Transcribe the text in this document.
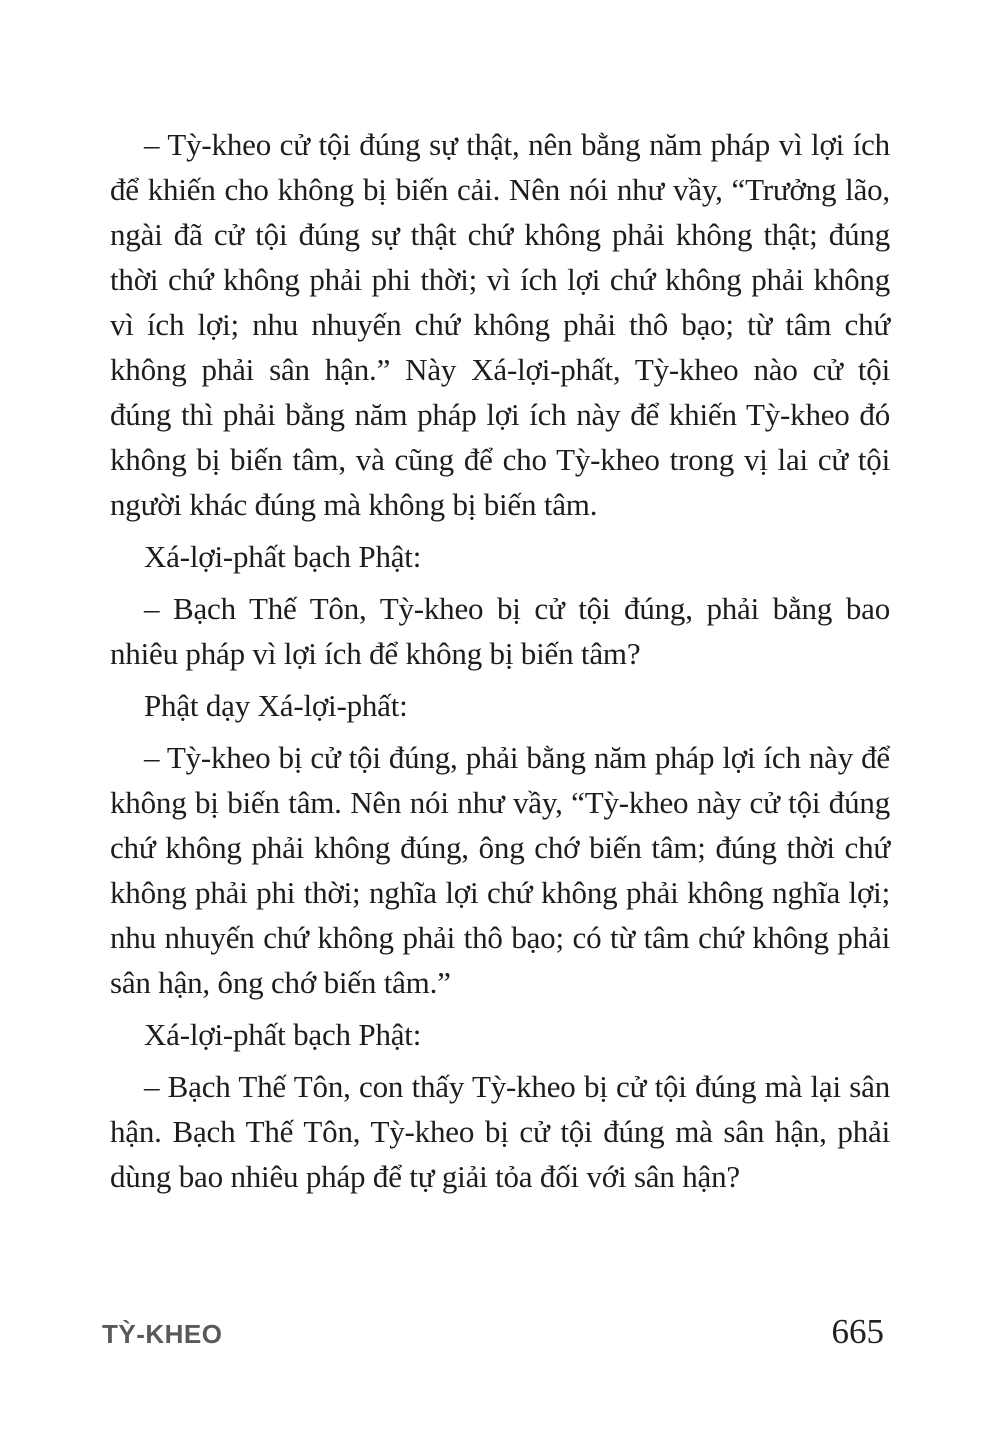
– Tỳ-kheo cử tội đúng sự thật, nên bằng năm pháp vì lợi ích để khiến cho không bị biến cải. Nên nói như vầy, “Trưởng lão, ngài đã cử tội đúng sự thật chứ không phải không thật; đúng thời chứ không phải phi thời; vì ích lợi chứ không phải không vì ích lợi; nhu nhuyến chứ không phải thô bạo; từ tâm chứ không phải sân hận.” Này Xá-lợi-phất, Tỳ-kheo nào cử tội đúng thì phải bằng năm pháp lợi ích này để khiến Tỳ-kheo đó không bị biến tâm, và cũng để cho Tỳ-kheo trong vị lai cử tội người khác đúng mà không bị biến tâm.

Xá-lợi-phất bạch Phật:

– Bạch Thế Tôn, Tỳ-kheo bị cử tội đúng, phải bằng bao nhiêu pháp vì lợi ích để không bị biến tâm?

Phật dạy Xá-lợi-phất:

– Tỳ-kheo bị cử tội đúng, phải bằng năm pháp lợi ích này để không bị biến tâm. Nên nói như vầy, “Tỳ-kheo này cử tội đúng chứ không phải không đúng, ông chớ biến tâm; đúng thời chứ không phải phi thời; nghĩa lợi chứ không phải không nghĩa lợi; nhu nhuyến chứ không phải thô bạo; có từ tâm chứ không phải sân hận, ông chớ biến tâm.”

Xá-lợi-phất bạch Phật:

– Bạch Thế Tôn, con thấy Tỳ-kheo bị cử tội đúng mà lại sân hận. Bạch Thế Tôn, Tỳ-kheo bị cử tội đúng mà sân hận, phải dùng bao nhiêu pháp để tự giải tỏa đối với sân hận?

TỲ-KHEO	665
